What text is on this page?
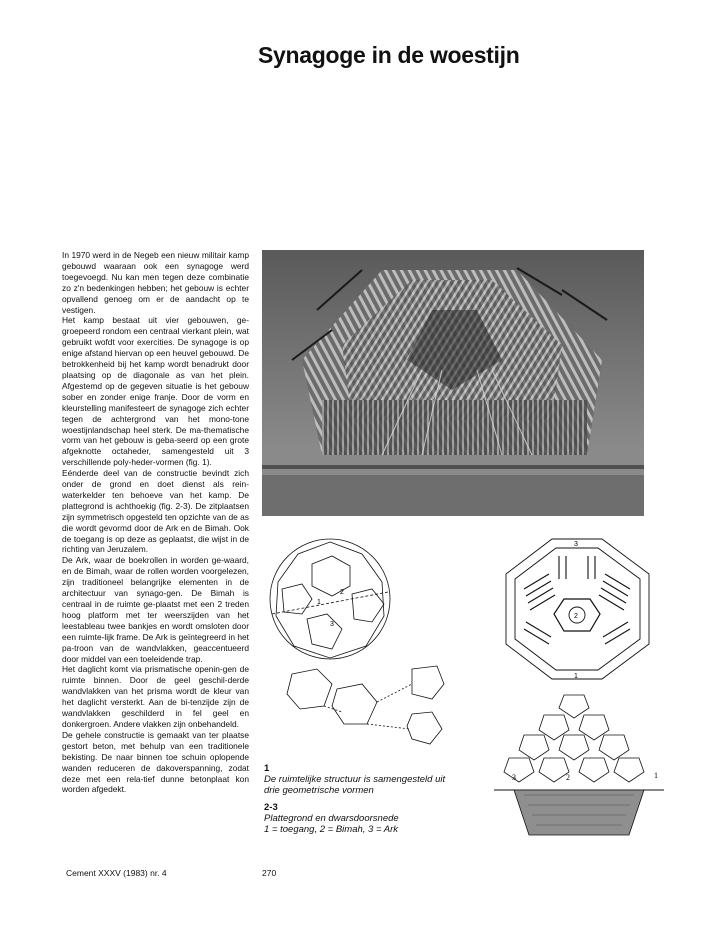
Synagoge in de woestijn

In 1970 werd in de Negeb een nieuw militair kamp gebouwd waaraan ook een synagoge werd toegevoegd. Nu kan men tegen deze combinatie zo z'n bedenkingen hebben; het gebouw is echter opvallend genoeg om er de aandacht op te vestigen.

Het kamp bestaat uit vier gebouwen, ge-groepeerd rondom een centraal vierkant plein, wat gebruikt wofdt voor exercities. De synagoge is op enige afstand hiervan op een heuvel gebouwd. De betrokkenheid bij het kamp wordt benadrukt door plaatsing op de diagonale as van het plein. Afgestemd op de gegeven situatie is het gebouw sober en zonder enige franje. Door de vorm en kleurstelling manifesteert de synagoge zich echter tegen de achtergrond van het mono-tone woestijnlandschap heel sterk. De ma-thematische vorm van het gebouw is geba-seerd op een grote afgeknotte octaheder, samengesteld uit 3 verschillende poly-heder-vormen (fig. 1).

Eénderde deel van de constructie bevindt zich onder de grond en doet dienst als rein-waterkelder ten behoeve van het kamp. De plattegrond is achthoekig (fig. 2-3). De zitplaatsen zijn symmetrisch opgesteld ten opzichte van de as die wordt gevormd door de Ark en de Bimah. Ook de toegang is op deze as geplaatst, die wijst in de richting van Jeruzalem.

De Ark, waar de boekrollen in worden ge-waard, en de Bimah, waar de rollen worden voorgelezen, zijn traditioneel belangrijke elementen in de architectuur van synago-gen. De Bimah is centraal in de ruimte ge-plaatst met een 2 treden hoog platform met ter weerszijden van het leestableau twee bankjes en wordt omsloten door een ruimte-lijk frame. De Ark is geïntegreerd in het pa-troon van de wandvlakken, geaccentueerd door middel van een toeleidende trap.

Het daglicht komt via prismatische openin-gen de ruimte binnen. Door de geel geschil-derde wandvlakken van het prisma wordt de kleur van het daglicht versterkt. Aan de bi-tenzijde zijn de wandvlakken geschilderd in fel geel en donkergroen. Andere vlakken zijn onbehandeld.

De gehele constructie is gemaakt van ter plaatse gestort beton, met behulp van een traditionele bekisting. De naar binnen toe schuin oplopende wanden reduceren de dakoverspanning, zodat deze met een rela-tief dunne betonplaat kon worden afgedekt.

1
2
3
1
2
3
3	2	1
1
De ruimtelijke structuur is samengesteld uit
drie geometrische vormen
2-3
Plattegrond en dwarsdoorsnede
1 = toegang, 2 = Bimah, 3 = Ark
Cement XXXV (1983) nr. 4	270
